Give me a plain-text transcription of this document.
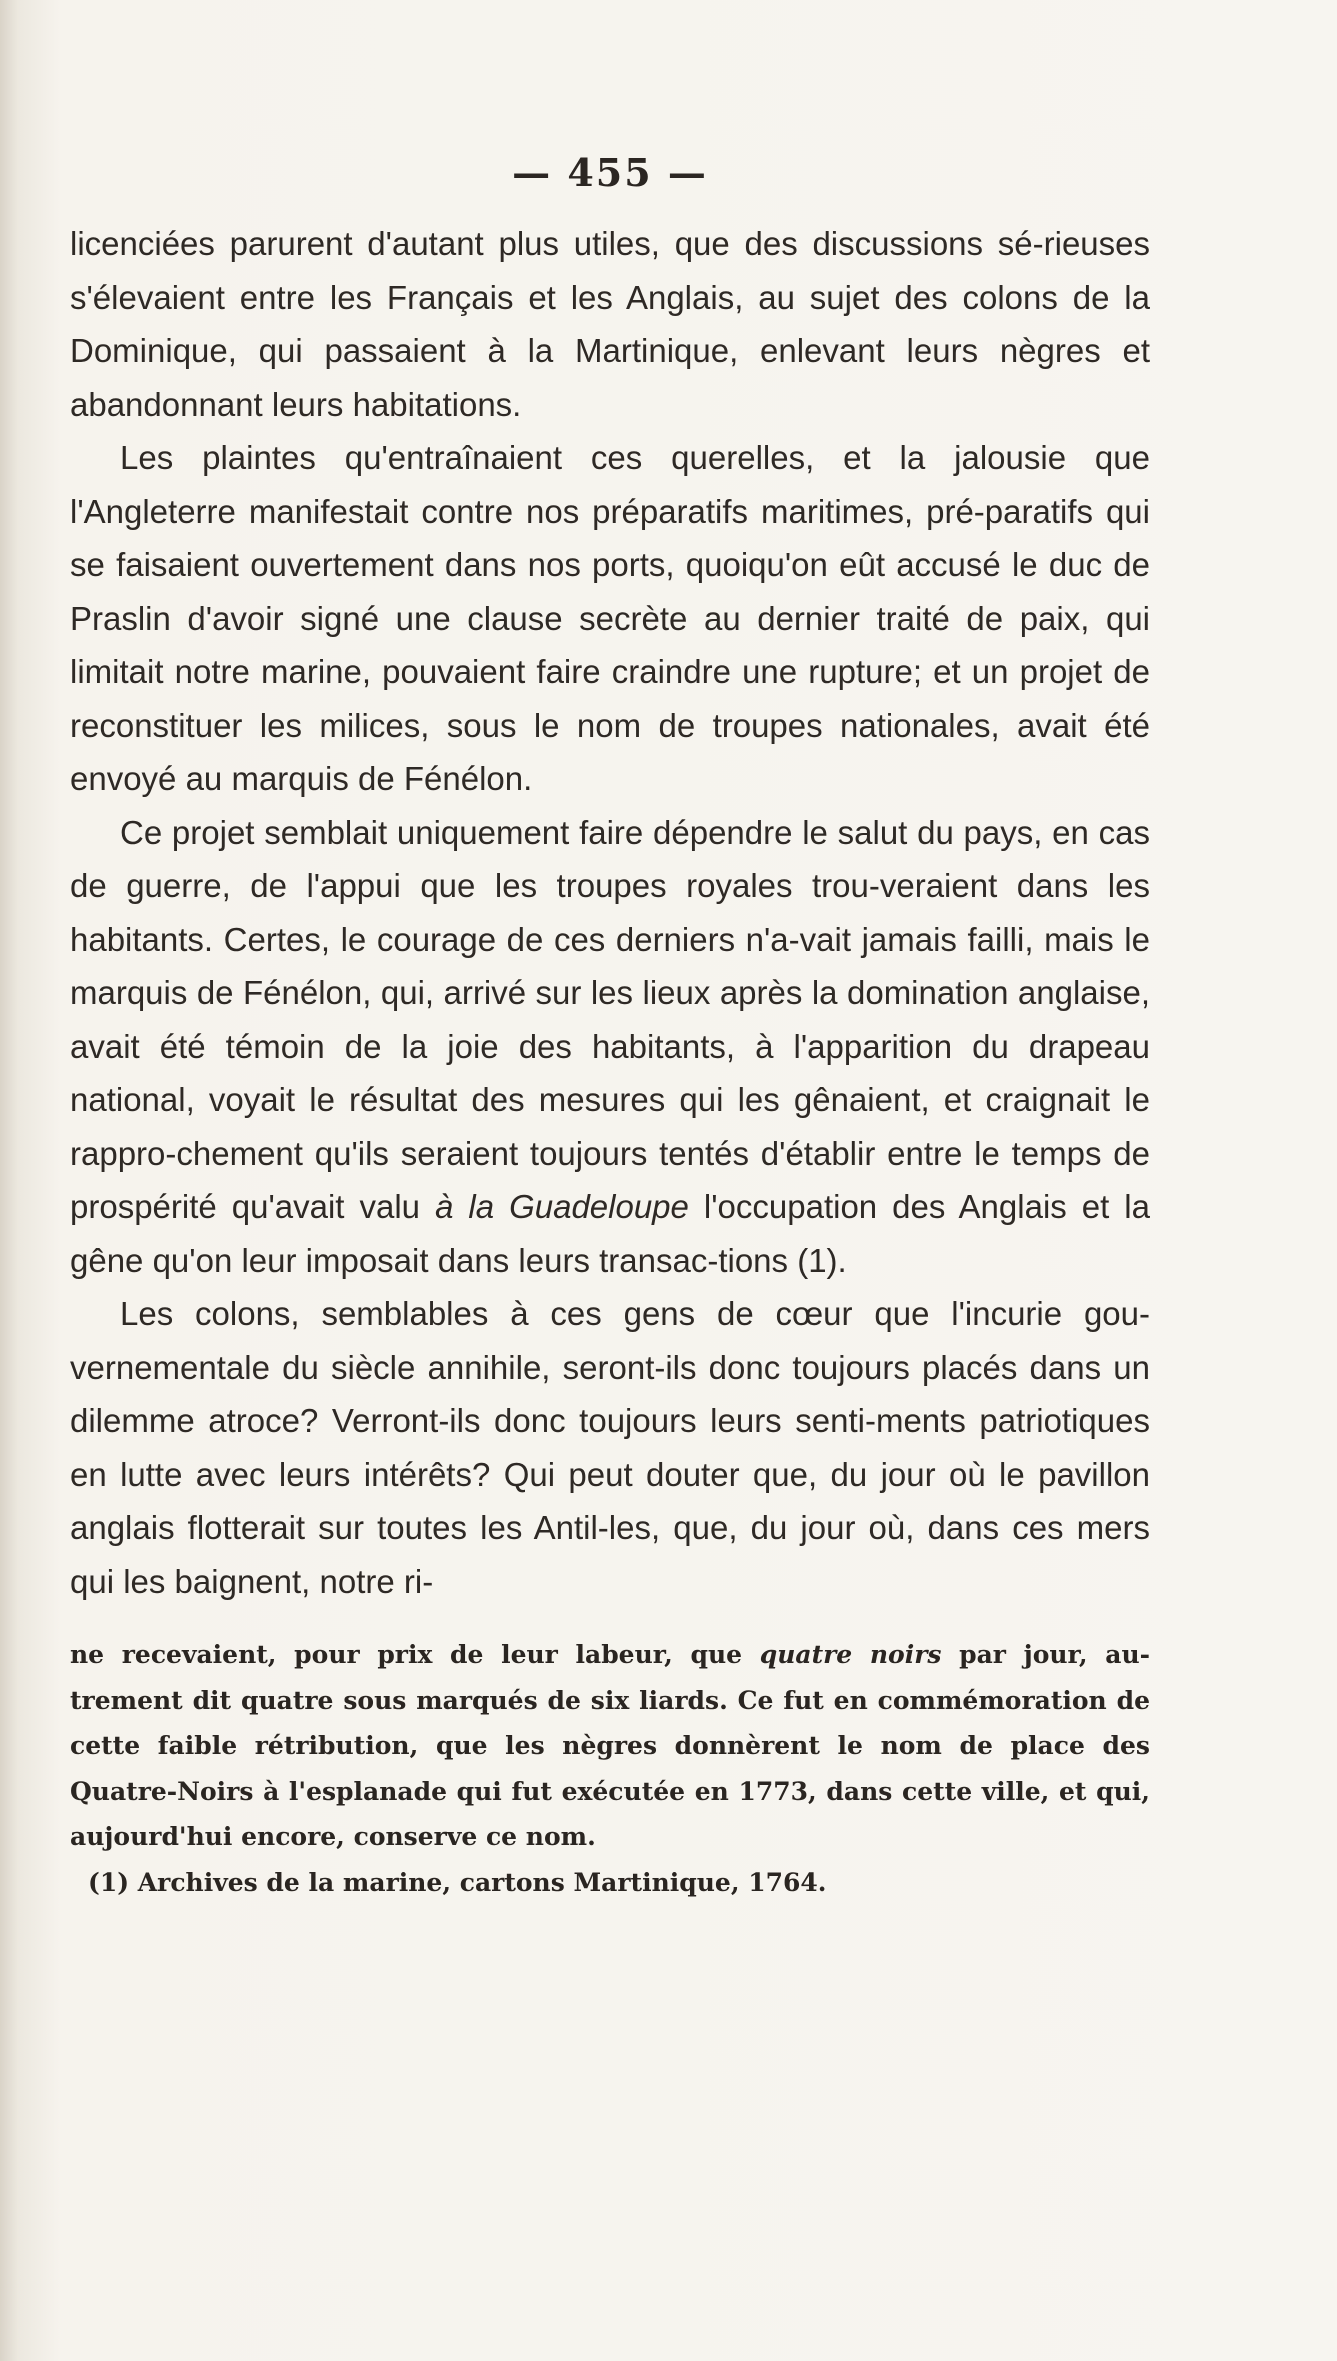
— 455 —

licenciées parurent d'autant plus utiles, que des discussions sé-rieuses s'élevaient entre les Français et les Anglais, au sujet des colons de la Dominique, qui passaient à la Martinique, enlevant leurs nègres et abandonnant leurs habitations.

Les plaintes qu'entraînaient ces querelles, et la jalousie que l'Angleterre manifestait contre nos préparatifs maritimes, pré-paratifs qui se faisaient ouvertement dans nos ports, quoiqu'on eût accusé le duc de Praslin d'avoir signé une clause secrète au dernier traité de paix, qui limitait notre marine, pouvaient faire craindre une rupture; et un projet de reconstituer les milices, sous le nom de troupes nationales, avait été envoyé au marquis de Fénélon.

Ce projet semblait uniquement faire dépendre le salut du pays, en cas de guerre, de l'appui que les troupes royales trou-veraient dans les habitants. Certes, le courage de ces derniers n'a-vait jamais failli, mais le marquis de Fénélon, qui, arrivé sur les lieux après la domination anglaise, avait été témoin de la joie des habitants, à l'apparition du drapeau national, voyait le résultat des mesures qui les gênaient, et craignait le rappro-chement qu'ils seraient toujours tentés d'établir entre le temps de prospérité qu'avait valu à la Guadeloupe l'occupation des Anglais et la gêne qu'on leur imposait dans leurs transac-tions (1).

Les colons, semblables à ces gens de cœur que l'incurie gou-vernementale du siècle annihile, seront-ils donc toujours placés dans un dilemme atroce? Verront-ils donc toujours leurs senti-ments patriotiques en lutte avec leurs intérêts? Qui peut douter que, du jour où le pavillon anglais flotterait sur toutes les Antil-les, que, du jour où, dans ces mers qui les baignent, notre ri-

ne recevaient, pour prix de leur labeur, que quatre noirs par jour, au-trement dit quatre sous marqués de six liards. Ce fut en commémoration de cette faible rétribution, que les nègres donnèrent le nom de place des Quatre-Noirs à l'esplanade qui fut exécutée en 1773, dans cette ville, et qui, aujourd'hui encore, conserve ce nom.

(1) Archives de la marine, cartons Martinique, 1764.
